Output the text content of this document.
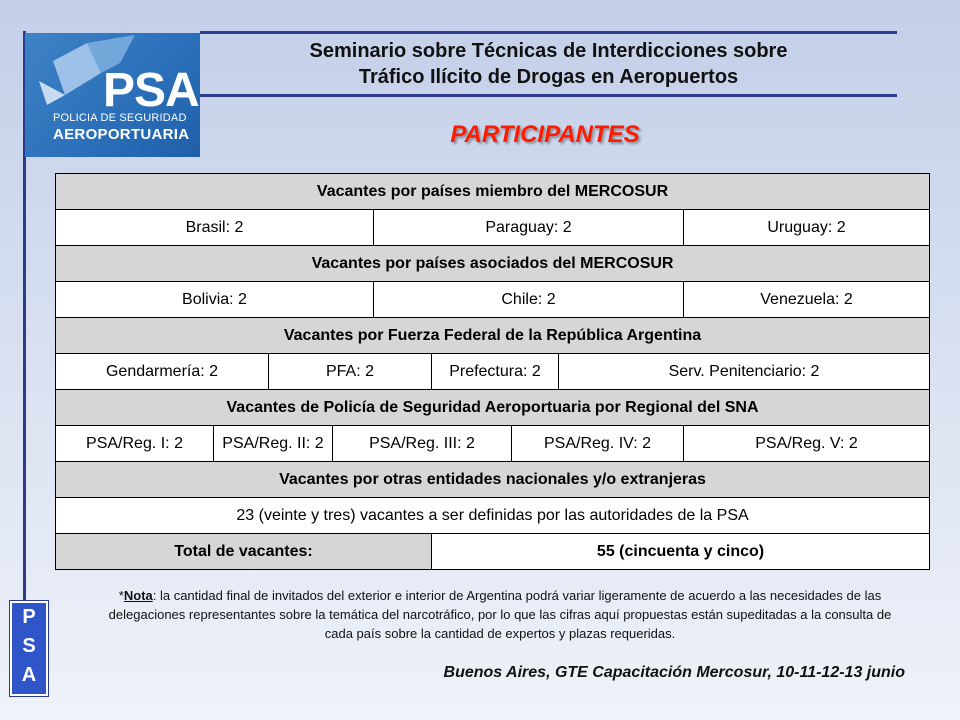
PSA
POLICIA DE SEGURIDAD
AEROPORTUARIA
Seminario sobre Técnicas de Interdicciones sobre
Tráfico Ilícito de Drogas en Aeropuertos
PARTICIPANTES
Vacantes por países miembro del MERCOSUR								
Brasil: 2				Paraguay: 2				Uruguay: 2
Vacantes por países asociados del MERCOSUR								
Bolivia: 2				Chile: 2				Venezuela: 2
Vacantes por Fuerza Federal de la República Argentina								
Gendarmería: 2		PFA: 2			Prefectura: 2		Serv. Penitenciario: 2	
Vacantes de Policía de Seguridad Aeroportuaria por Regional del SNA								
PSA/Reg. I: 2	PSA/Reg. II: 2		PSA/Reg. III: 2			PSA/Reg. IV: 2		PSA/Reg. V: 2
Vacantes por otras entidades nacionales y/o extranjeras								
23 (veinte y tres) vacantes a ser definidas por las autoridades de la PSA								
Total de vacantes:					55 (cincuenta y cinco)			
*Nota: la cantidad final de invitados del exterior e interior de Argentina podrá variar ligeramente de acuerdo a las necesidades de las delegaciones representantes sobre la temática del narcotráfico, por lo que las cifras aquí propuestas están supeditadas a la consulta de cada país sobre la cantidad de expertos y plazas requeridas.
P
S
A	Buenos Aires, GTE Capacitación Mercosur, 10-11-12-13 junio
